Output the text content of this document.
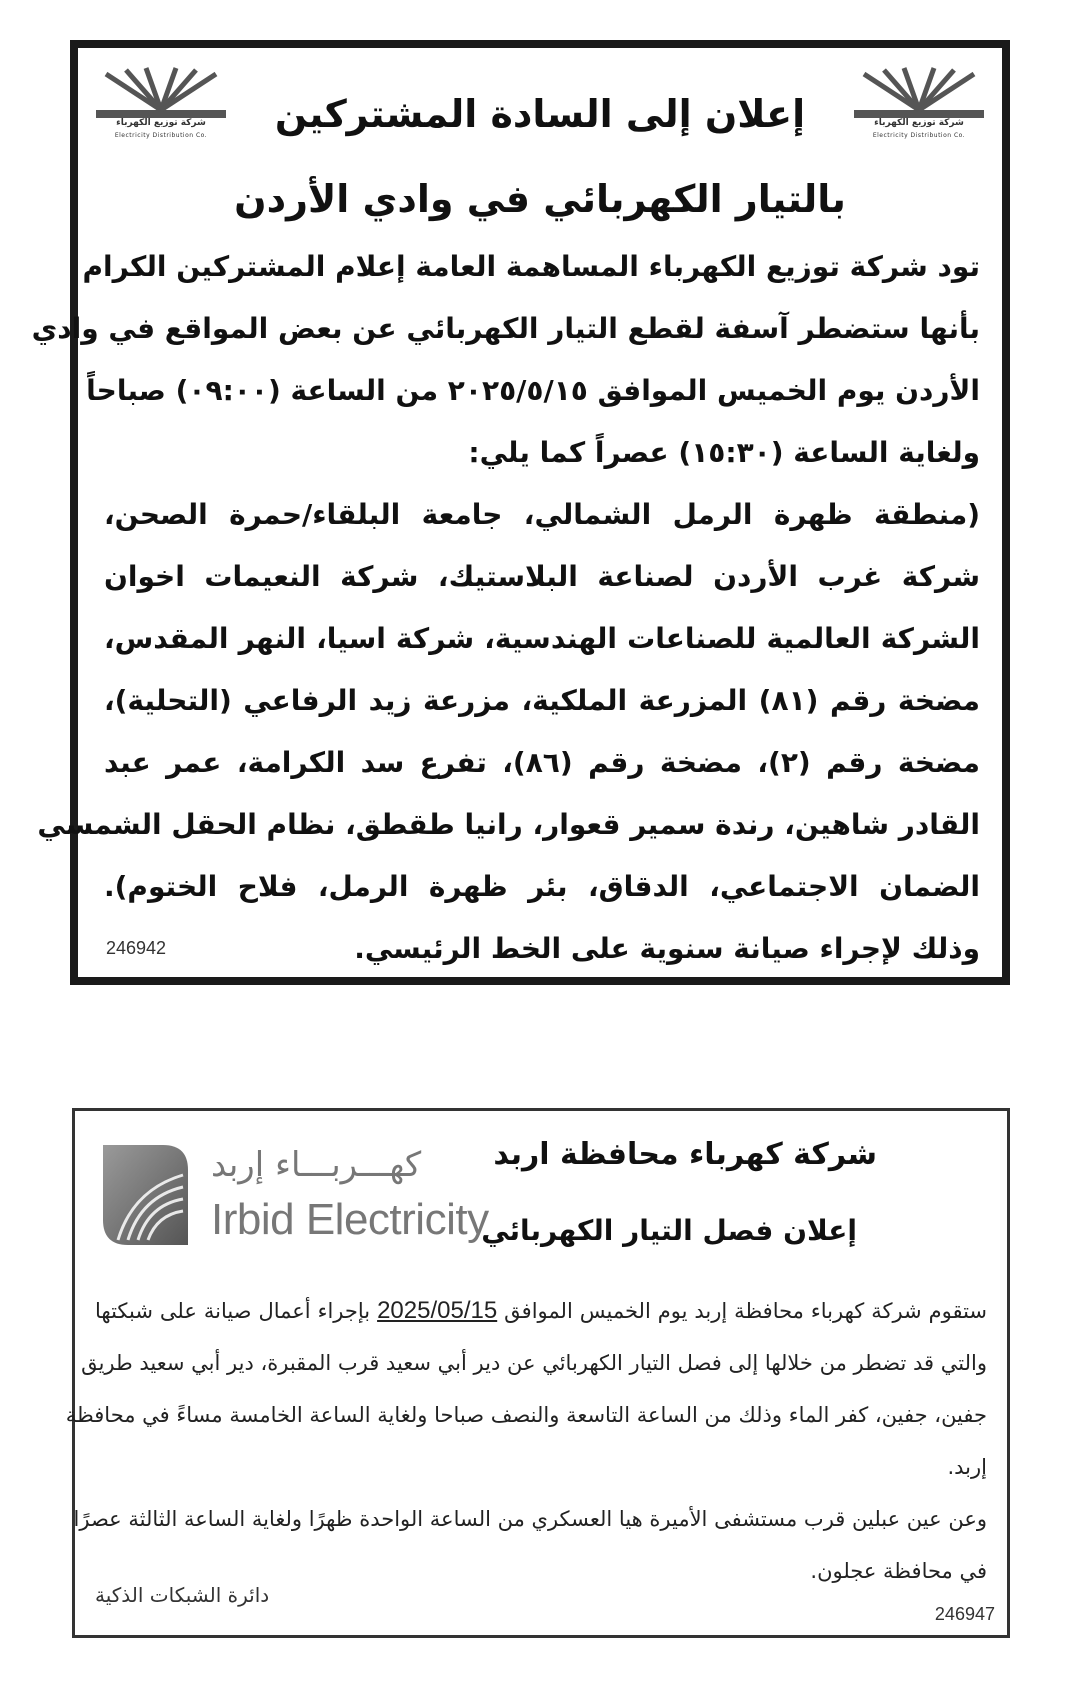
شركة توزيع الكهرباء
Electricity Distribution Co.
شركة توزيع الكهرباء
Electricity Distribution Co.
إعلان إلى السادة المشتركين
بالتيار الكهربائي في وادي الأردن
تود شركة توزيع الكهرباء المساهمة العامة إعلام المشتركين الكرام
بأنها ستضطر آسفة لقطع التيار الكهربائي عن بعض المواقع في وادي
الأردن يوم الخميس الموافق ٢٠٢٥/٥/١٥ من الساعة (٠٩:٠٠) صباحاً
ولغاية الساعة (١٥:٣٠) عصراً كما يلي:
(منطقة ظهرة الرمل الشمالي، جامعة البلقاء/حمرة الصحن،
شركة غرب الأردن لصناعة البلاستيك، شركة النعيمات اخوان
الشركة العالمية للصناعات الهندسية، شركة اسيا، النهر المقدس،
مضخة رقم (٨١) المزرعة الملكية، مزرعة زيد الرفاعي (التحلية)،
مضخة رقم (٢)، مضخة رقم (٨٦)، تفرع سد الكرامة، عمر عبد
القادر شاهين، رندة سمير قعوار، رانيا طقطق، نظام الحقل الشمسي
الضمان الاجتماعي، الدقاق، بئر ظهرة الرمل، فلاح الختوم).
وذلك لإجراء صيانة سنوية على الخط الرئيسي.
246942
كهـــربـــاء إربد
Irbid Electricity
شركة كهرباء محافظة اربد
إعلان فصل التيار الكهربائي
ستقوم شركة كهرباء محافظة إربد يوم الخميس الموافق 2025/05/15 بإجراء أعمال صيانة على شبكتها
والتي قد تضطر من خلالها إلى فصل التيار الكهربائي عن دير أبي سعيد قرب المقبرة، دير أبي سعيد طريق
جفين، جفين، كفر الماء وذلك من الساعة التاسعة والنصف صباحا ولغاية الساعة الخامسة مساءً في محافظة
إربد.
وعن عين عبلين قرب مستشفى الأميرة هيا العسكري من الساعة الواحدة ظهرًا ولغاية الساعة الثالثة عصرًا
في محافظة عجلون.
دائرة الشبكات الذكية
246947
